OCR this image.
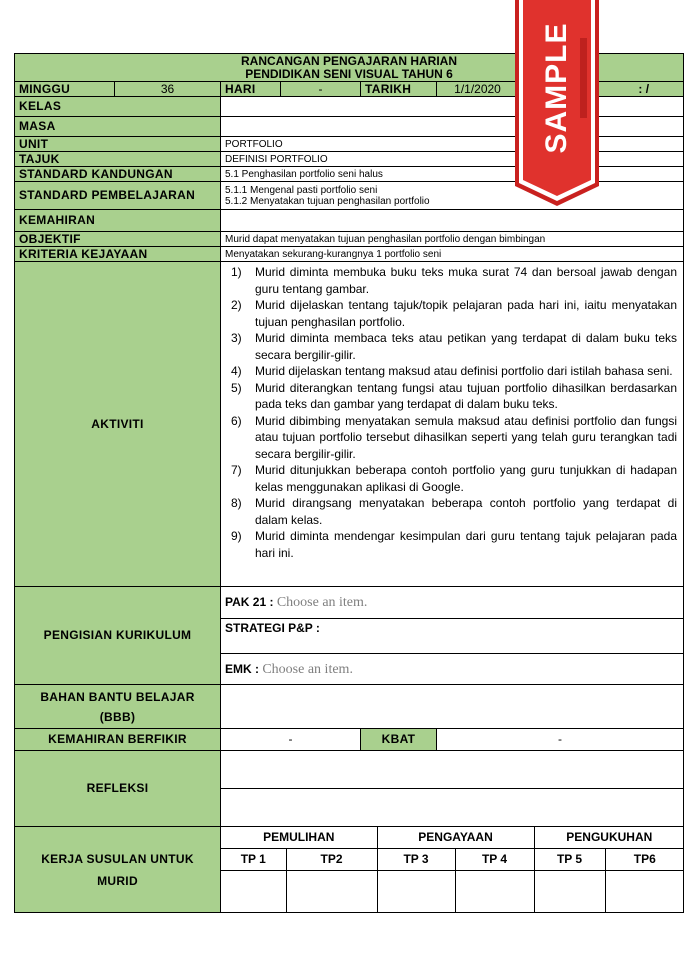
RANCANGAN PENGAJARAN HARIAN
PENDIDIKAN SENI VISUAL TAHUN 6

MINGGU	36	HARI	-	TARIKH	1/1/2020	: /
KELAS	
MASA	
UNIT	PORTFOLIO
TAJUK	DEFINISI PORTFOLIO
STANDARD KANDUNGAN	5.1 Penghasilan portfolio seni halus
STANDARD PEMBELAJARAN	5.1.1 Mengenal pasti portfolio seni
5.1.2 Menyatakan tujuan penghasilan portfolio

KEMAHIRAN	
OBJEKTIF	Murid dapat menyatakan tujuan penghasilan portfolio dengan bimbingan
KRITERIA KEJAYAAN	Menyatakan sekurang-kurangnya 1 portfolio seni
AKTIVITI	
1) Murid diminta membuka buku teks muka surat 74 dan bersoal jawab dengan guru tentang gambar.
2) Murid dijelaskan tentang tajuk/topik pelajaran pada hari ini, iaitu menyatakan tujuan penghasilan portfolio.
3) Murid diminta membaca teks atau petikan yang terdapat di dalam buku teks secara bergilir-gilir.
4) Murid dijelaskan tentang maksud atau definisi portfolio dari istilah bahasa seni.
5) Murid diterangkan tentang fungsi atau tujuan portfolio dihasilkan berdasarkan pada teks dan gambar yang terdapat di dalam buku teks.
6) Murid dibimbing menyatakan semula maksud atau definisi portfolio dan fungsi atau tujuan portfolio tersebut dihasilkan seperti yang telah guru terangkan tadi secara bergilir-gilir.
7) Murid ditunjukkan beberapa contoh portfolio yang guru tunjukkan di hadapan kelas menggunakan aplikasi di Google.
8) Murid dirangsang menyatakan beberapa contoh portfolio yang terdapat di dalam kelas.
9) Murid diminta mendengar kesimpulan dari guru tentang tajuk pelajaran pada hari ini.

PENGISIAN KURIKULUM	PAK 21 : Choose an item.
STRATEGI P&P :
EMK : Choose an item.

BAHAN BANTU BELAJAR
(BBB)

KEMAHIRAN BERFIKIR	-	KBAT	-
REFLEKSI	

KERJA SUSULAN UNTUK
MURID

PEMULIHAN	PENGAYAAN	PENGUKUHAN
TP 1	TP2	TP 3	TP 4	TP 5	TP6

SAMPLE
